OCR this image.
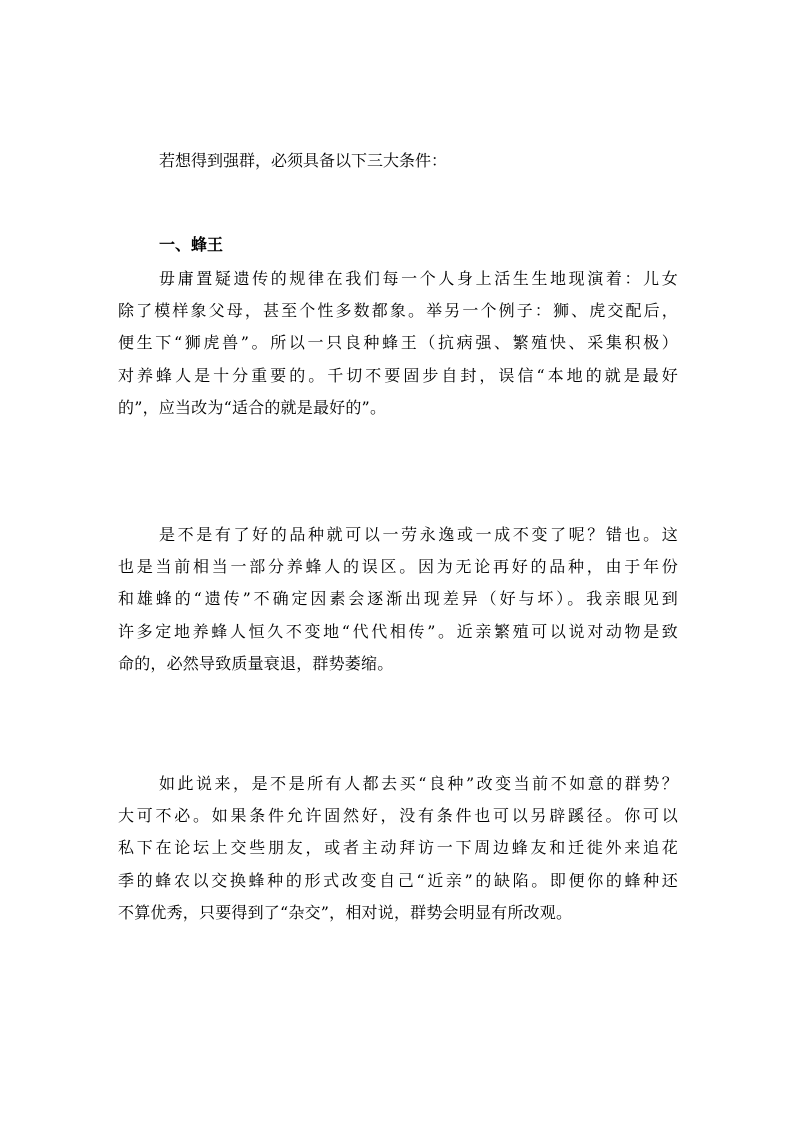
若想得到强群，必须具备以下三大条件：
一、蜂王

毋庸置疑遗传的规律在我们每一个人身上活生生地现演着：儿女
除了模样象父母，甚至个性多数都象。举另一个例子：狮、虎交配后，
便生下“狮虎兽”。所以一只良种蜂王（抗病强、繁殖快、采集积极）
对养蜂人是十分重要的。千切不要固步自封，误信“本地的就是最好
的”，应当改为“适合的就是最好的”。

是不是有了好的品种就可以一劳永逸或一成不变了呢？错也。这
也是当前相当一部分养蜂人的误区。因为无论再好的品种，由于年份
和雄蜂的“遗传”不确定因素会逐渐出现差异（好与坏）。我亲眼见到
许多定地养蜂人恒久不变地“代代相传”。近亲繁殖可以说对动物是致
命的，必然导致质量衰退，群势萎缩。

如此说来，是不是所有人都去买“良种”改变当前不如意的群势？
大可不必。如果条件允许固然好，没有条件也可以另辟蹊径。你可以
私下在论坛上交些朋友，或者主动拜访一下周边蜂友和迁徙外来追花
季的蜂农以交换蜂种的形式改变自己“近亲”的缺陷。即便你的蜂种还
不算优秀，只要得到了“杂交”，相对说，群势会明显有所改观。
